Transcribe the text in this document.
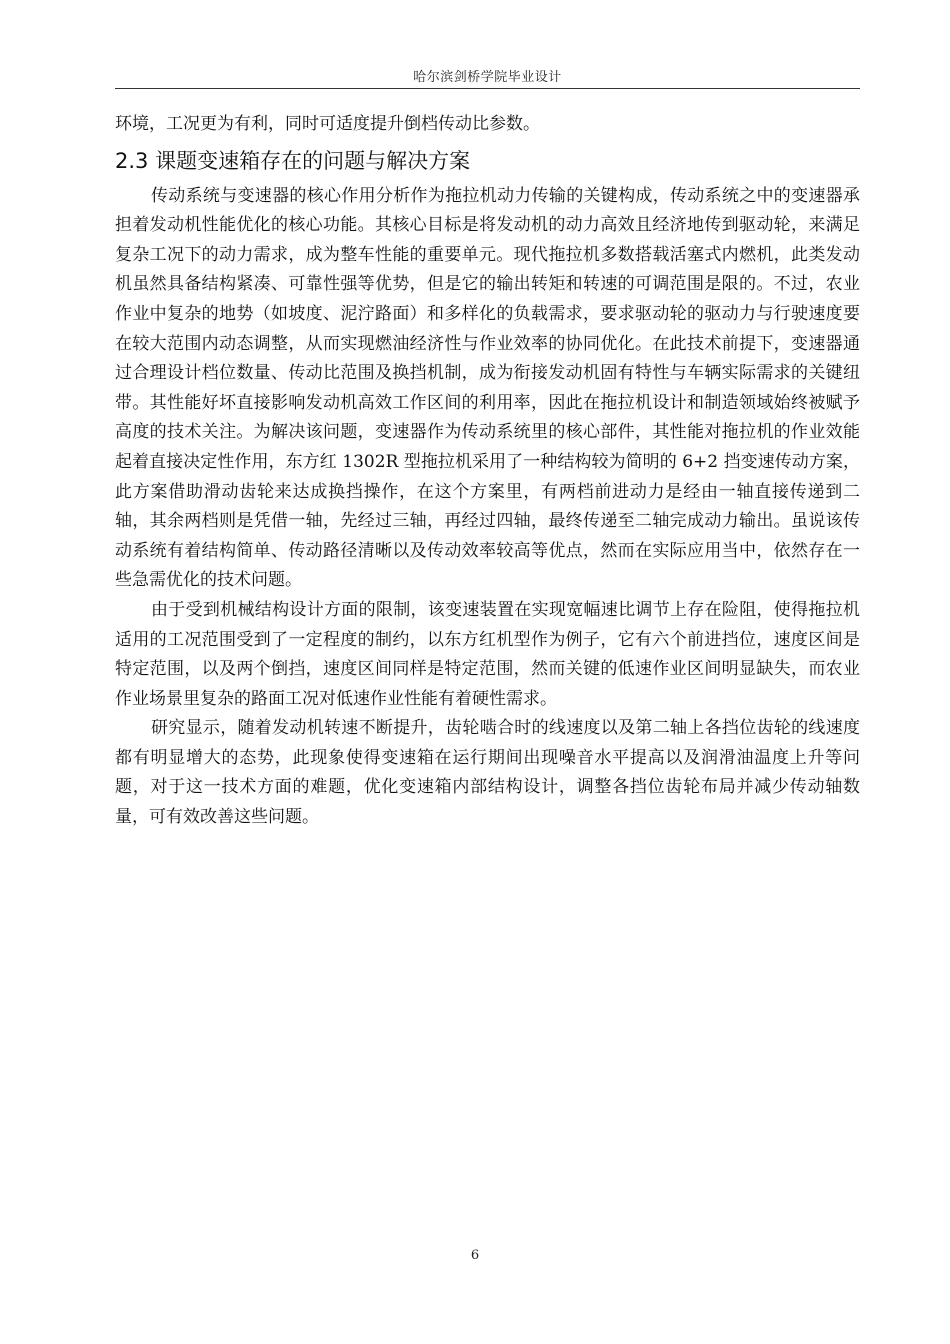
哈尔滨剑桥学院毕业设计

环境，工况更为有利，同时可适度提升倒档传动比参数。

2.3 课题变速箱存在的问题与解决方案

传动系统与变速器的核心作用分析作为拖拉机动力传输的关键构成，传动系统之中的变速器承担着发动机性能优化的核心功能。其核心目标是将发动机的动力高效且经济地传到驱动轮，来满足复杂工况下的动力需求，成为整车性能的重要单元。现代拖拉机多数搭载活塞式内燃机，此类发动机虽然具备结构紧凑、可靠性强等优势，但是它的输出转矩和转速的可调范围是限的。不过，农业作业中复杂的地势（如坡度、泥泞路面）和多样化的负载需求，要求驱动轮的驱动力与行驶速度要在较大范围内动态调整，从而实现燃油经济性与作业效率的协同优化。在此技术前提下，变速器通过合理设计档位数量、传动比范围及换挡机制，成为衔接发动机固有特性与车辆实际需求的关键纽带。其性能好坏直接影响发动机高效工作区间的利用率，因此在拖拉机设计和制造领域始终被赋予高度的技术关注。为解决该问题，变速器作为传动系统里的核心部件，其性能对拖拉机的作业效能起着直接决定性作用，东方红 1302R 型拖拉机采用了一种结构较为简明的 6+2 挡变速传动方案，此方案借助滑动齿轮来达成换挡操作，在这个方案里，有两档前进动力是经由一轴直接传递到二轴，其余两档则是凭借一轴，先经过三轴，再经过四轴，最终传递至二轴完成动力输出。虽说该传动系统有着结构简单、传动路径清晰以及传动效率较高等优点，然而在实际应用当中，依然存在一些急需优化的技术问题。

由于受到机械结构设计方面的限制，该变速装置在实现宽幅速比调节上存在险阻，使得拖拉机适用的工况范围受到了一定程度的制约，以东方红机型作为例子，它有六个前进挡位，速度区间是特定范围，以及两个倒挡，速度区间同样是特定范围，然而关键的低速作业区间明显缺失，而农业作业场景里复杂的路面工况对低速作业性能有着硬性需求。

研究显示，随着发动机转速不断提升，齿轮啮合时的线速度以及第二轴上各挡位齿轮的线速度都有明显增大的态势，此现象使得变速箱在运行期间出现噪音水平提高以及润滑油温度上升等问题，对于这一技术方面的难题，优化变速箱内部结构设计，调整各挡位齿轮布局并减少传动轴数量，可有效改善这些问题。

6
